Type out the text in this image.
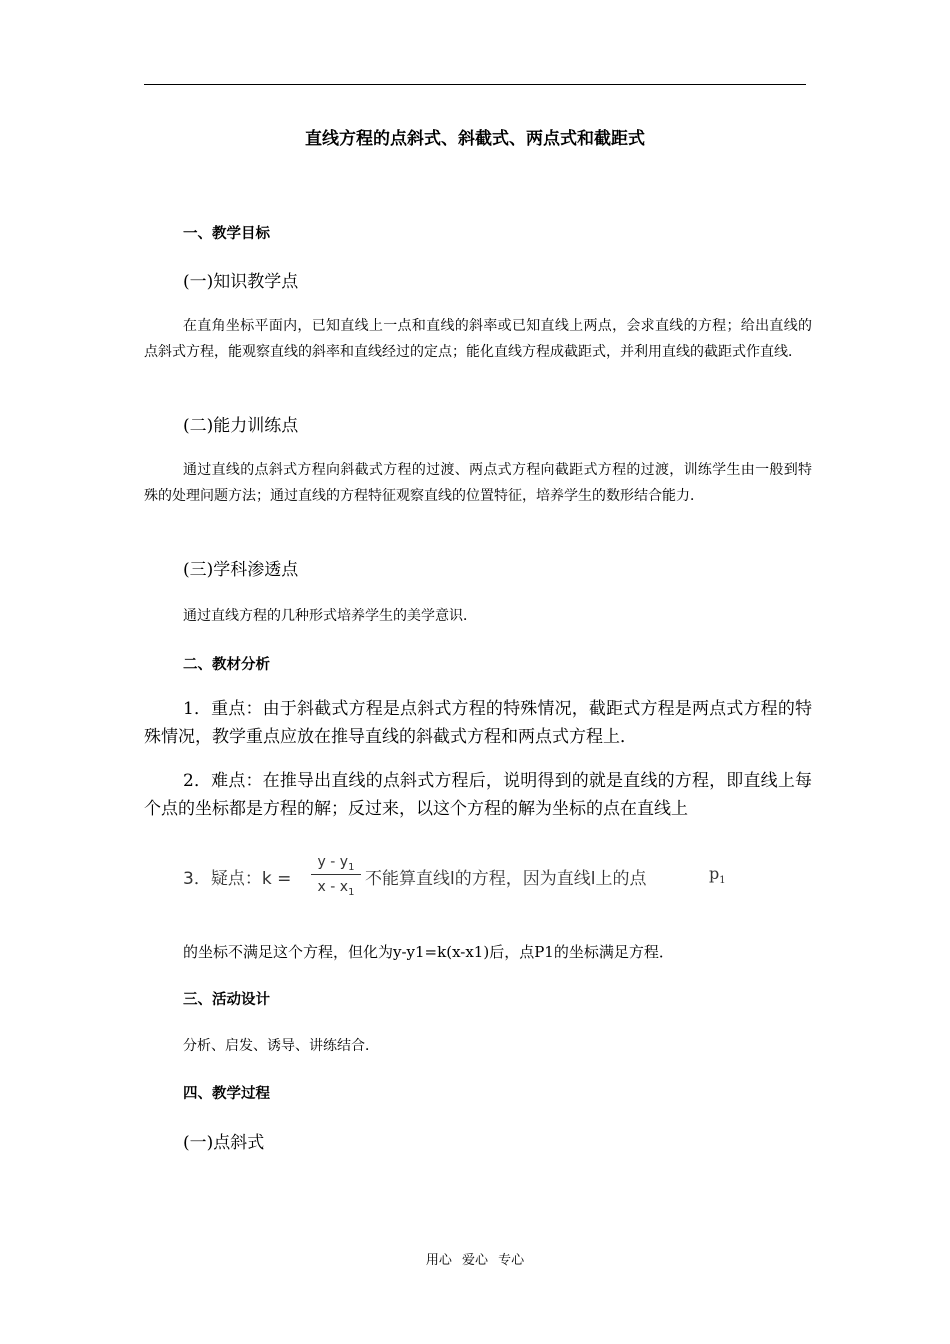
直线方程的点斜式、斜截式、两点式和截距式
一、教学目标
(一)知识教学点
在直角坐标平面内，已知直线上一点和直线的斜率或已知直线上两点，会求直线的方程；给出直线的点斜式方程，能观察直线的斜率和直线经过的定点；能化直线方程成截距式，并利用直线的截距式作直线．
(二)能力训练点
通过直线的点斜式方程向斜截式方程的过渡、两点式方程向截距式方程的过渡，训练学生由一般到特殊的处理问题方法；通过直线的方程特征观察直线的位置特征，培养学生的数形结合能力．
(三)学科渗透点
通过直线方程的几种形式培养学生的美学意识．
二、教材分析
1．重点：由于斜截式方程是点斜式方程的特殊情况，截距式方程是两点式方程的特殊情况，教学重点应放在推导直线的斜截式方程和两点式方程上．
2．难点：在推导出直线的点斜式方程后，说明得到的就是直线的方程，即直线上每个点的坐标都是方程的解；反过来，以这个方程的解为坐标的点在直线上
3．疑点：k =
y - $y_1$
x - $x_1$
不能算直线l的方程，因为直线l上的点	$p_1$
的坐标不满足这个方程，但化为y-y1=k(x-x1)后，点P1的坐标满足方程．
三、活动设计
分析、启发、诱导、讲练结合．
四、教学过程
(一)点斜式
用心 爱心 专心
